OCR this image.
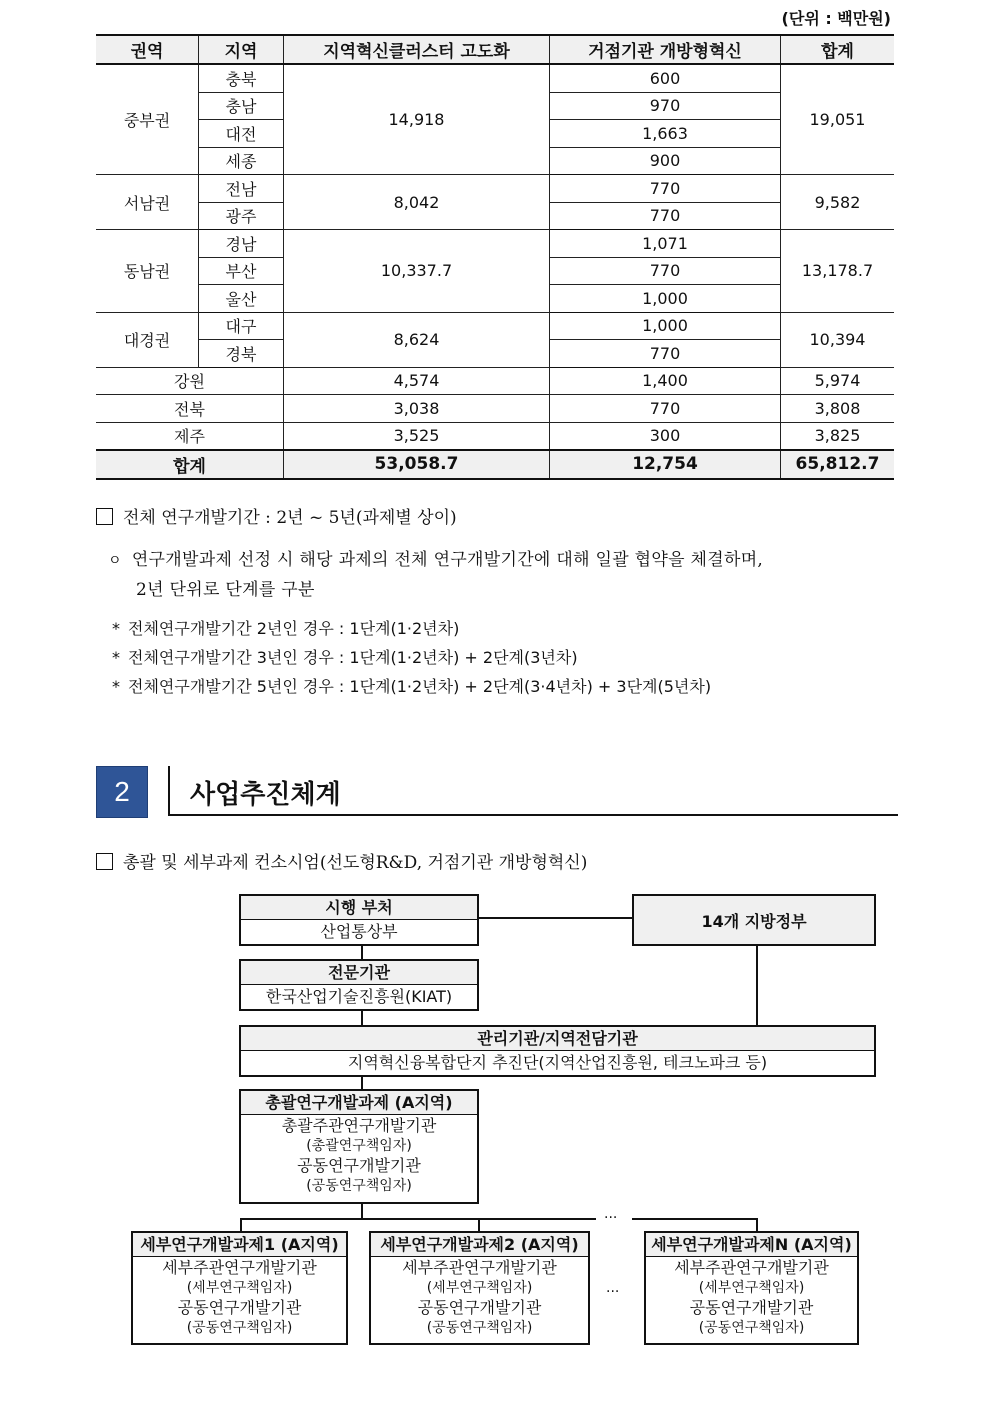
(단위 : 백만원)
권역	지역	지역혁신클러스터 고도화	거점기관 개방형혁신	합계
중부권	충북	14,918	600	19,051
	충남		970	
	대전		1,663	
	세종		900	
서남권	전남	8,042	770	9,582
	광주		770	
동남권	경남	10,337.7	1,071	13,178.7
	부산		770	
	울산		1,000	
대경권	대구	8,624	1,000	10,394
	경북		770	
강원		4,574	1,400	5,974
전북		3,038	770	3,808
제주		3,525	300	3,825
합계		53,058.7	12,754	65,812.7
전체 연구개발기간 : 2년 ~ 5년(과제별 상이)
ㅇ 연구개발과제 선정 시 해당 과제의 전체 연구개발기간에 대해 일괄 협약을 체결하며,
2년 단위로 단계를 구분
* 전체연구개발기간 2년인 경우 : 1단계(1·2년차)
* 전체연구개발기간 3년인 경우 : 1단계(1·2년차) + 2단계(3년차)
* 전체연구개발기간 5년인 경우 : 1단계(1·2년차) + 2단계(3·4년차) + 3단계(5년차)
2	사업추진체계
총괄 및 세부과제 컨소시엄(선도형R&D, 거점기관 개방형혁신)
...
...
시행 부처
산업통상부
14개 지방정부
전문기관
한국산업기술진흥원(KIAT)
관리기관/지역전담기관
지역혁신융복합단지 추진단(지역산업진흥원, 테크노파크 등)
총괄연구개발과제 (A지역)
총괄주관연구개발기관
(총괄연구책임자)
공동연구개발기관
(공동연구책임자)
세부연구개발과제1 (A지역)
세부주관연구개발기관
(세부연구책임자)
공동연구개발기관
(공동연구책임자)
세부연구개발과제2 (A지역)
세부주관연구개발기관
(세부연구책임자)
공동연구개발기관
(공동연구책임자)
세부연구개발과제N (A지역)
세부주관연구개발기관
(세부연구책임자)
공동연구개발기관
(공동연구책임자)
